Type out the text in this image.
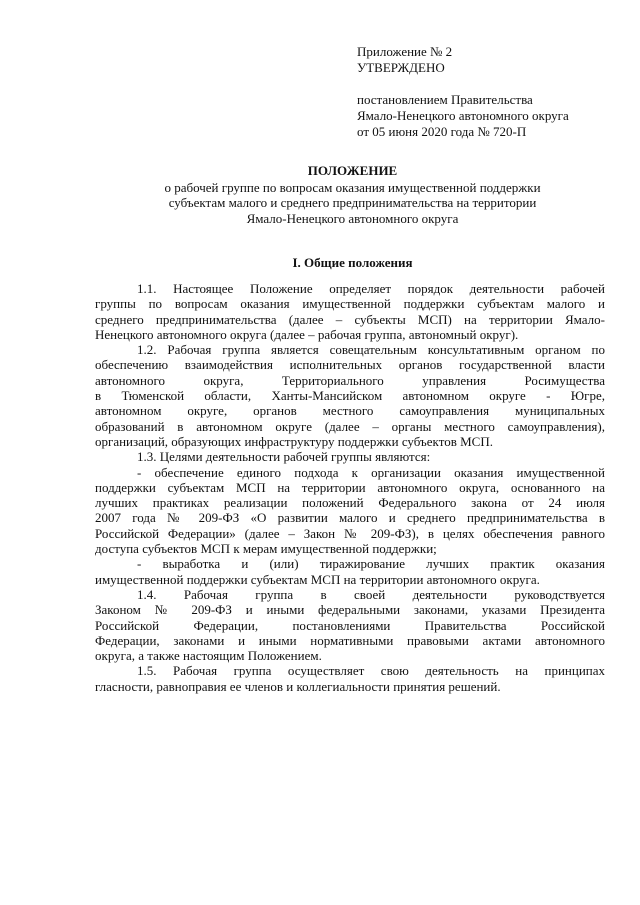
Приложение № 2
УТВЕРЖДЕНО
постановлением Правительства
Ямало-Ненецкого автономного округа
от 05 июня 2020 года № 720-П
ПОЛОЖЕНИЕ
о рабочей группе по вопросам оказания имущественной поддержки
субъектам малого и среднего предпринимательства на территории
Ямало-Ненецкого автономного округа
I. Общие положения
1.1. Настоящее Положение определяет порядок деятельности рабочей
группы по вопросам оказания имущественной поддержки субъектам малого и
среднего предпринимательства (далее – субъекты МСП) на территории Ямало-
Ненецкого автономного округа (далее – рабочая группа, автономный округ).
1.2. Рабочая группа является совещательным консультативным органом по
обеспечению взаимодействия исполнительных органов государственной власти
автономного округа, Территориального управления Росимущества
в Тюменской области, Ханты-Мансийском автономном округе - Югре,
автономном округе, органов местного самоуправления муниципальных
образований в автономном округе (далее – органы местного самоуправления),
организаций, образующих инфраструктуру поддержки субъектов МСП.
1.3. Целями деятельности рабочей группы являются:
- обеспечение единого подхода к организации оказания имущественной
поддержки субъектам МСП на территории автономного округа, основанного на
лучших практиках реализации положений Федерального закона от 24 июля
2007 года № 209-ФЗ «О развитии малого и среднего предпринимательства в
Российской Федерации» (далее – Закон № 209-ФЗ), в целях обеспечения равного
доступа субъектов МСП к мерам имущественной поддержки;
- выработка и (или) тиражирование лучших практик оказания
имущественной поддержки субъектам МСП на территории автономного округа.
1.4. Рабочая группа в своей деятельности руководствуется
Законом № 209-ФЗ и иными федеральными законами, указами Президента
Российской Федерации, постановлениями Правительства Российской
Федерации, законами и иными нормативными правовыми актами автономного
округа, а также настоящим Положением.
1.5. Рабочая группа осуществляет свою деятельность на принципах
гласности, равноправия ее членов и коллегиальности принятия решений.
